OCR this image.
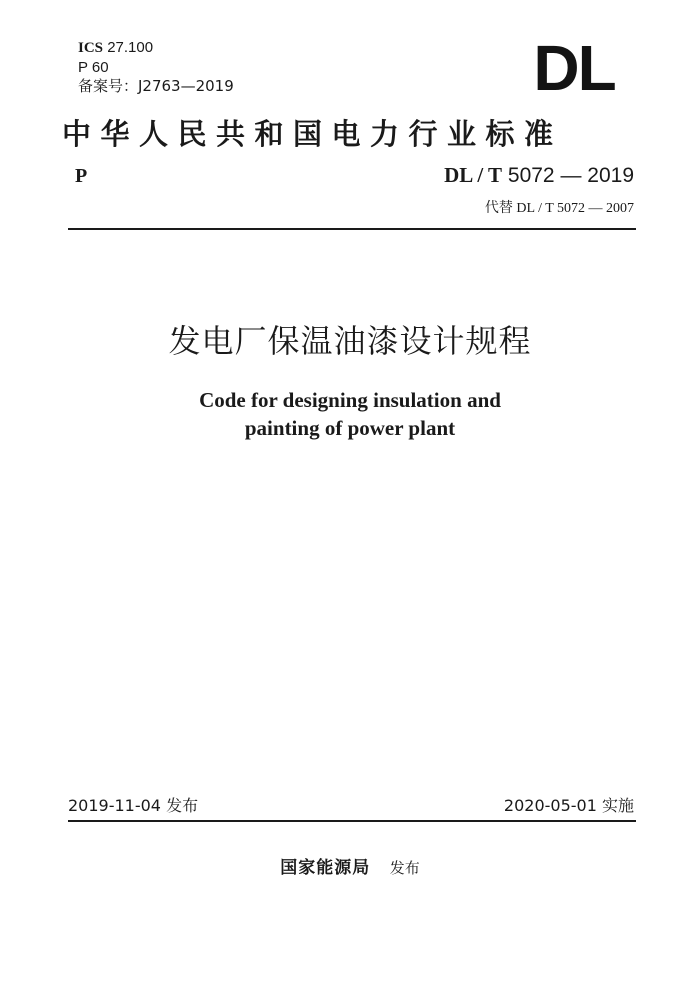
ICS 27.100
P 60
备案号：J2763—2019	DL
中华人民共和国电力行业标准
P	DL / T 5072 — 2019
代替 DL / T 5072 — 2007
发电厂保温油漆设计规程
Code for designing insulation and
painting of power plant
2019-11-04 发布	2020-05-01 实施
国家能源局 发布
